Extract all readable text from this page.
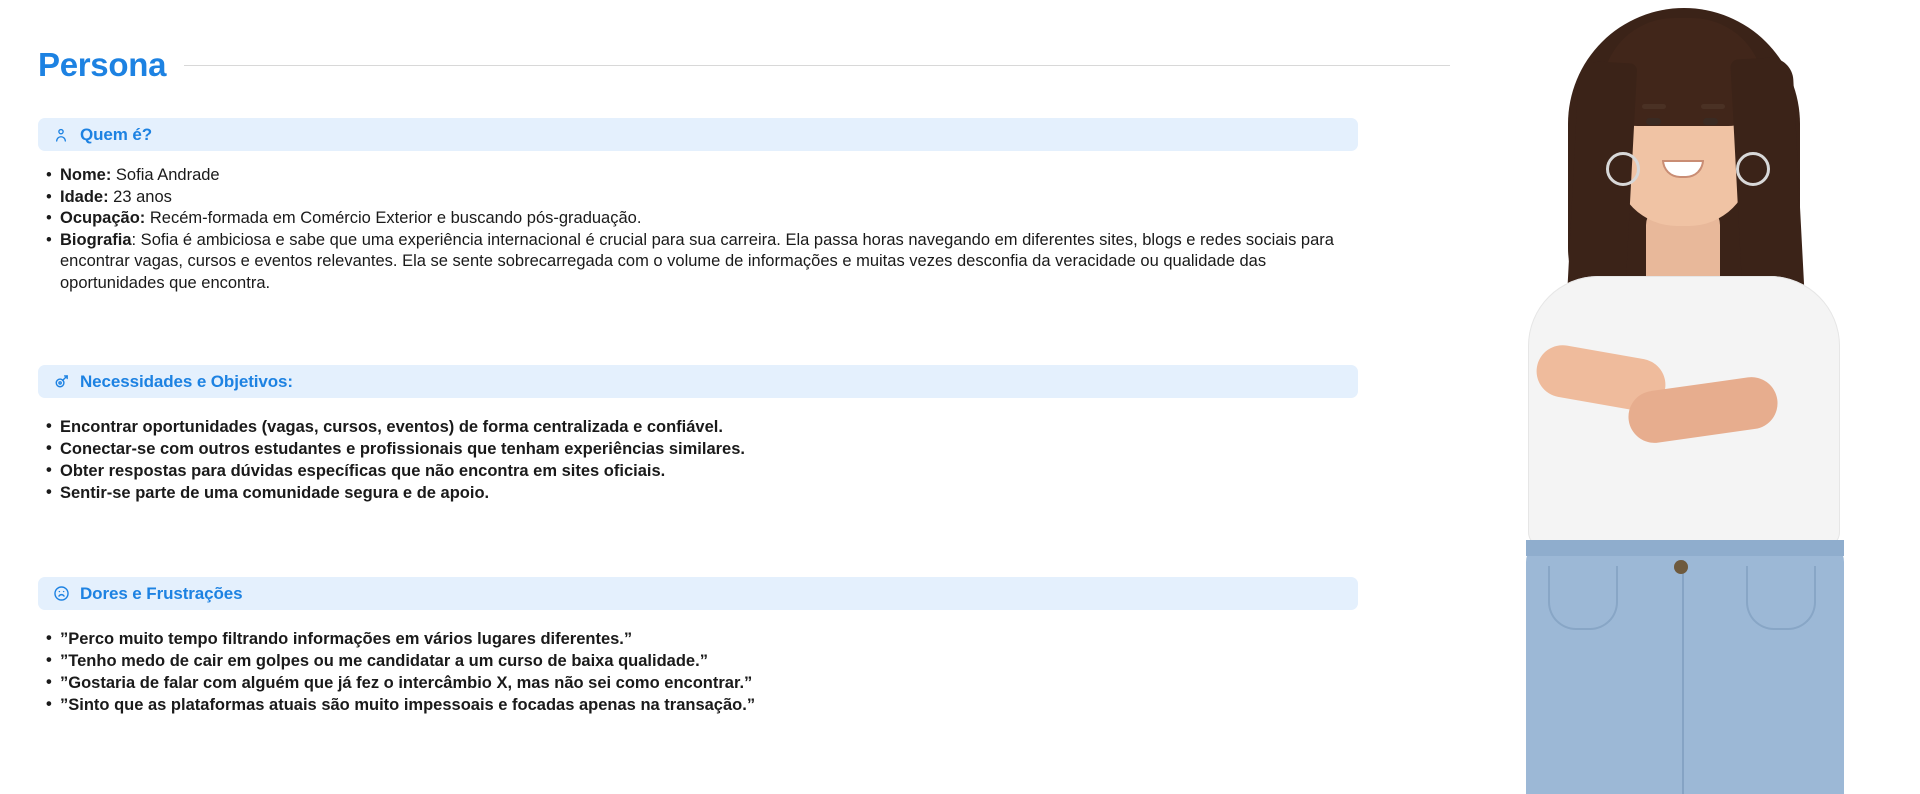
Persona
Quem é?
• Nome: Sofia Andrade
• Idade: 23 anos
• Ocupação: Recém-formada em Comércio Exterior e buscando pós-graduação.
• Biografia: Sofia é ambiciosa e sabe que uma experiência internacional é crucial para sua carreira. Ela passa horas navegando em diferentes sites, blogs e redes sociais para encontrar vagas, cursos e eventos relevantes. Ela se sente sobrecarregada com o volume de informações e muitas vezes desconfia da veracidade ou qualidade das oportunidades que encontra.
Necessidades e Objetivos:
• Encontrar oportunidades (vagas, cursos, eventos) de forma centralizada e confiável.
• Conectar-se com outros estudantes e profissionais que tenham experiências similares.
• Obter respostas para dúvidas específicas que não encontra em sites oficiais.
• Sentir-se parte de uma comunidade segura e de apoio.
Dores e Frustrações
• ”Perco muito tempo filtrando informações em vários lugares diferentes.”
• ”Tenho medo de cair em golpes ou me candidatar a um curso de baixa qualidade.”
• ”Gostaria de falar com alguém que já fez o intercâmbio X, mas não sei como encontrar.”
• ”Sinto que as plataformas atuais são muito impessoais e focadas apenas na transação.”
